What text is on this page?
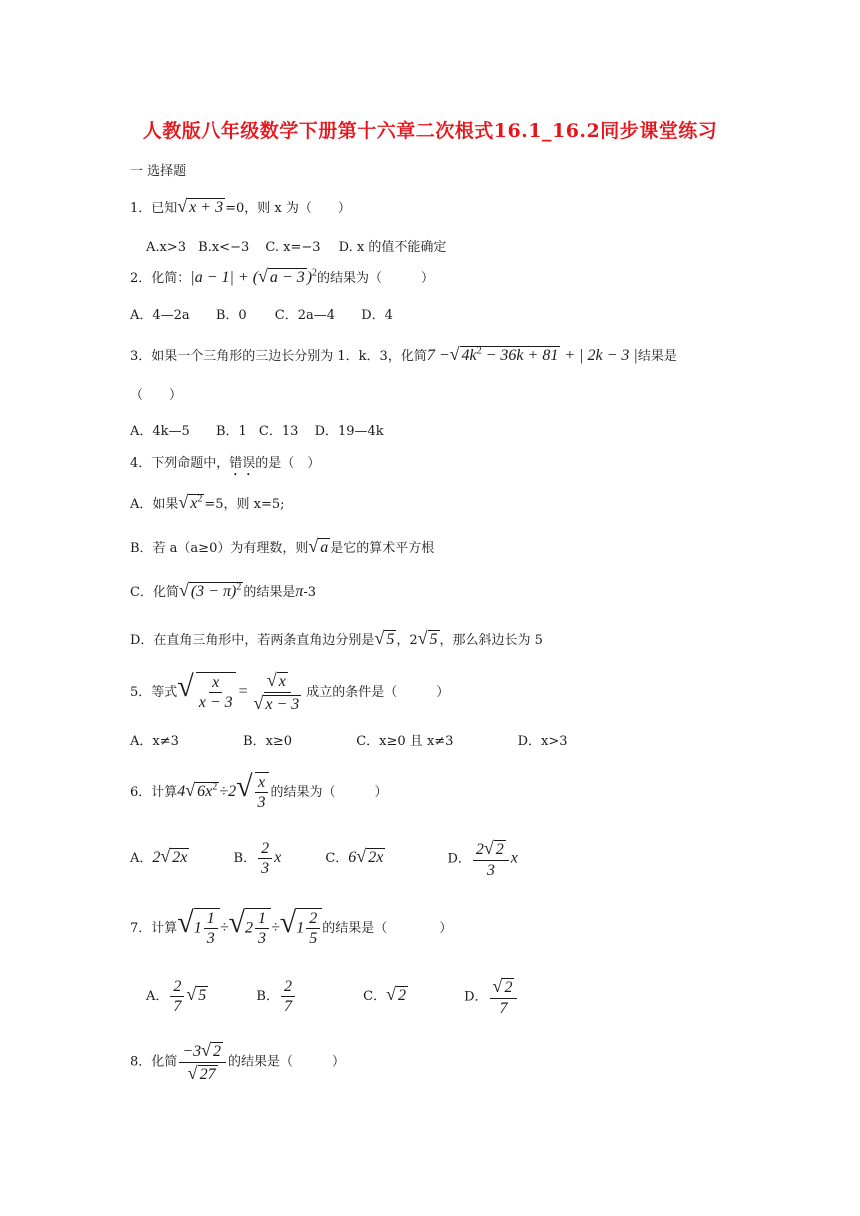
人教版八年级数学下册第十六章二次根式16.1_16.2同步课堂练习
一 选择题
1．已知√ x + 3 =0，则 x 为（　　）
A.x>3 B.x<−3 C. x=−3 D. x 的值不能确定
2．化简：|a − 1| + (√ a − 3 )$^2$的结果为（　　　）
A．4—2a B．0 C．2a—4 D．4
3．如果一个三角形的三边长分别为 1．k．3，化简7 −√ $4k^2 - 36k + 81$ + | 2k − 3 |结果是
（　　）
A．4k—5 B．1 C．13 D．19—4k
4．下列命题中，错误的是（　）
A．如果√ $x^2 =5$，则 x=5;
B．若 a（a≥0）为有理数，则√ a 是它的算术平方根
C．化简√ $(3 - \pi)^2$ 的结果是π-3
D．在直角三角形中，若两条直角边分别是√ 5 ，2√ 5 ，那么斜边长为 5
5．等式√ $\frac{x}{x - 3} = \frac{√ x}{√ x - 3}$ 成立的条件是（　　　）
A．x≠3	B．x≥0	C．x≥0 且 x≠3	D．x>3
6．计算4√ $6x^2 \div 2√ \frac{x}{3}$ 的结果为（　　　）
A．2√ 2x	B． $\frac{2}{3}$ x	C．6√ 2x	D． $\frac{2√ 2}{3}$ x
7．计算$√1 \frac{1}{3} \div√2 \frac{1}{3} \div√1 \frac{2}{5}$ 的结果是（　　　　）
A． $\frac{2}{7}$ √ 5	B． $\frac{2}{7}$	C．√ 2	D． $\frac{√ 2}{7}$
8．化简 $\frac{-3√ 2}{√ 27}$ 的结果是（　　　）
